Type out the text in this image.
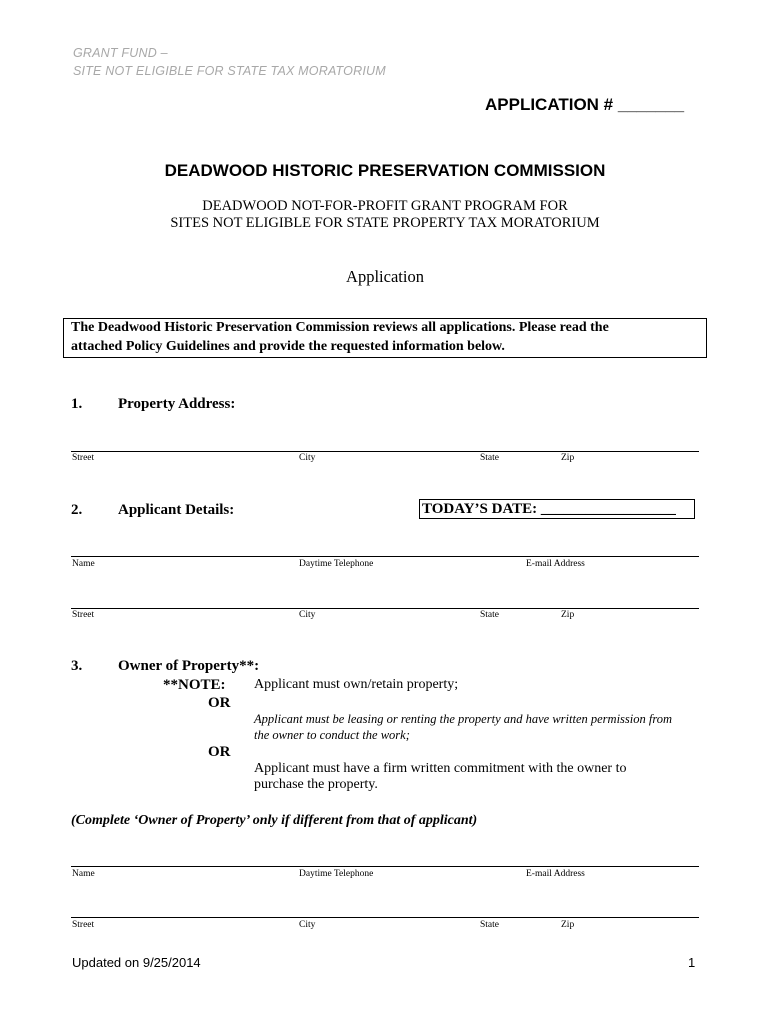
GRANT FUND –
SITE NOT ELIGIBLE FOR STATE TAX MORATORIUM
APPLICATION # _______
DEADWOOD HISTORIC PRESERVATION COMMISSION
DEADWOOD NOT-FOR-PROFIT GRANT PROGRAM FOR
SITES NOT ELIGIBLE FOR STATE PROPERTY TAX MORATORIUM
Application
The Deadwood Historic Preservation Commission reviews all applications. Please read the
attached Policy Guidelines and provide the requested information below.
1. Property Address:
Street	City	State	Zip
2. Applicant Details:	TODAY’S DATE: __________________
Name	Daytime Telephone	E-mail Address
Street	City	State	Zip
3. Owner of Property**:
**NOTE: Applicant must own/retain property;
OR
Applicant must be leasing or renting the property and have written permission from
the owner to conduct the work;
OR
Applicant must have a firm written commitment with the owner to
purchase the property.
(Complete ‘Owner of Property’ only if different from that of applicant)
Name	Daytime Telephone	E-mail Address
Street	City	State	Zip
Updated on 9/25/2014	1
